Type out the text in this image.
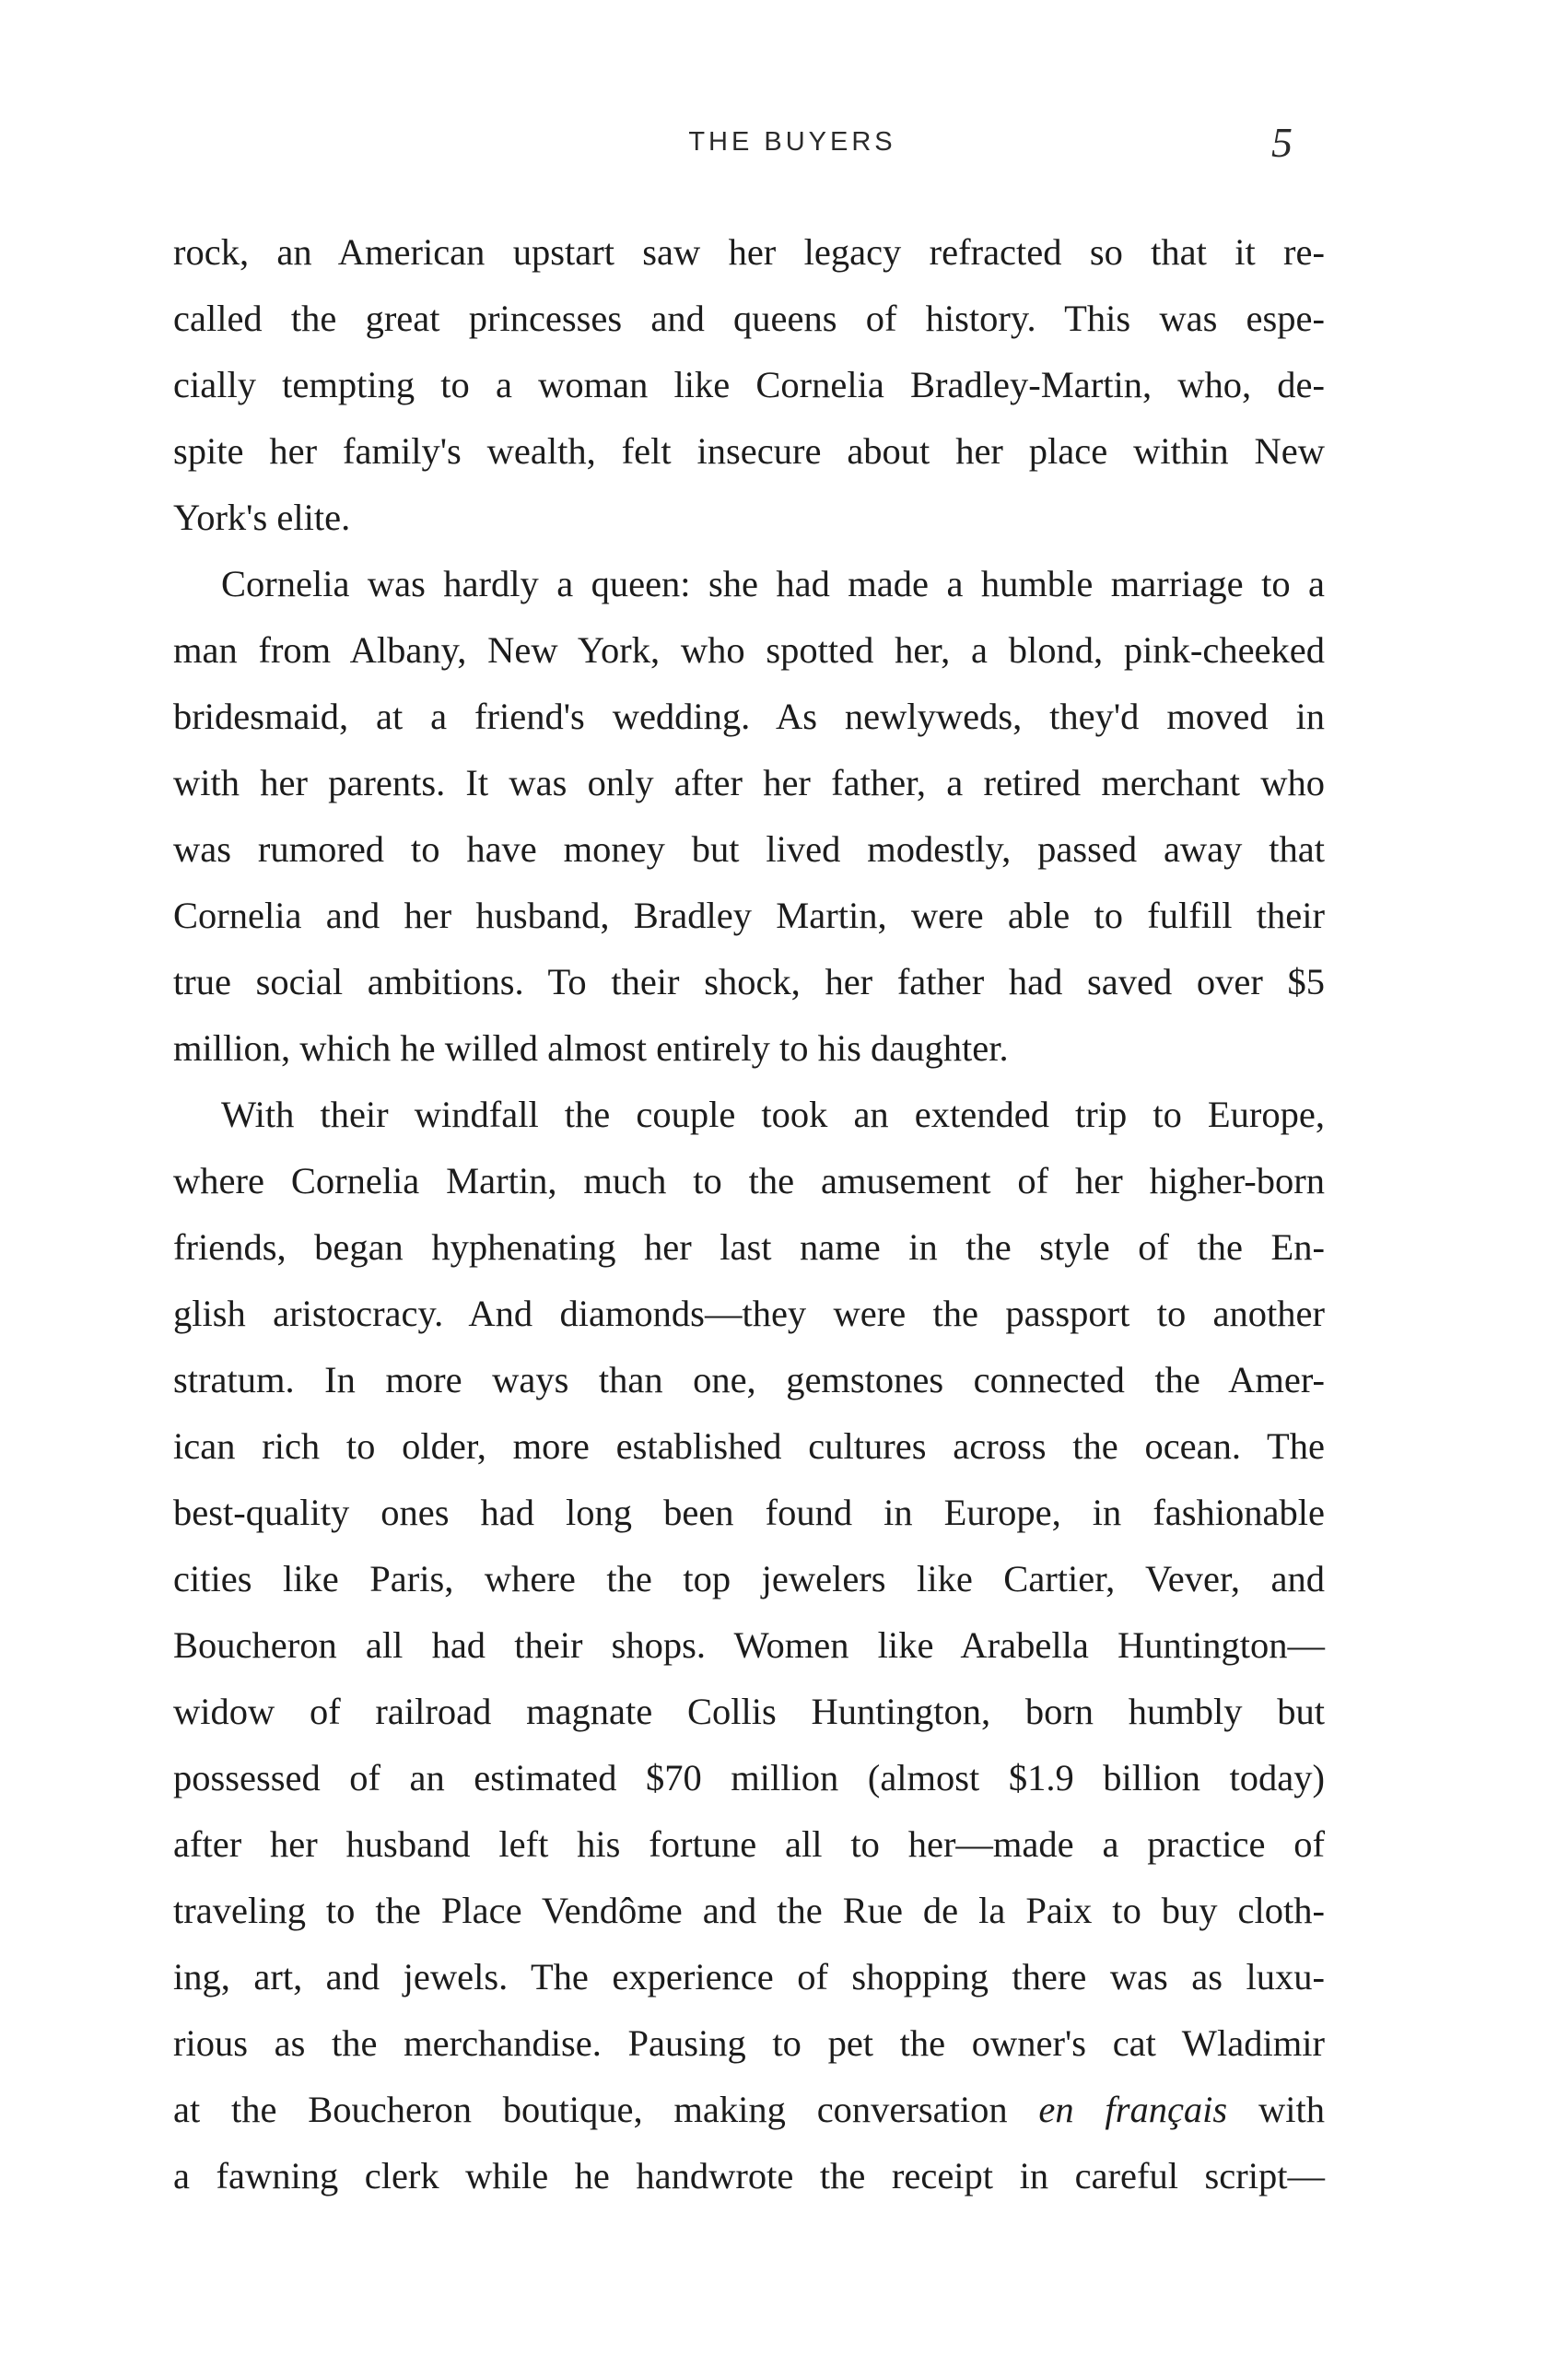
THE BUYERS	5
rock, an American upstart saw her legacy refracted so that it re-
called the great princesses and queens of history. This was espe-
cially tempting to a woman like Cornelia Bradley-Martin, who, de-
spite her family's wealth, felt insecure about her place within New
York's elite.
Cornelia was hardly a queen: she had made a humble marriage to a
man from Albany, New York, who spotted her, a blond, pink-cheeked
bridesmaid, at a friend's wedding. As newlyweds, they'd moved in
with her parents. It was only after her father, a retired merchant who
was rumored to have money but lived modestly, passed away that
Cornelia and her husband, Bradley Martin, were able to fulfill their
true social ambitions. To their shock, her father had saved over $5
million, which he willed almost entirely to his daughter.
With their windfall the couple took an extended trip to Europe,
where Cornelia Martin, much to the amusement of her higher-born
friends, began hyphenating her last name in the style of the En-
glish aristocracy. And diamonds—they were the passport to another
stratum. In more ways than one, gemstones connected the Amer-
ican rich to older, more established cultures across the ocean. The
best-quality ones had long been found in Europe, in fashionable
cities like Paris, where the top jewelers like Cartier, Vever, and
Boucheron all had their shops. Women like Arabella Huntington—
widow of railroad magnate Collis Huntington, born humbly but
possessed of an estimated $70 million (almost $1.9 billion today)
after her husband left his fortune all to her—made a practice of
traveling to the Place Vendôme and the Rue de la Paix to buy cloth-
ing, art, and jewels. The experience of shopping there was as luxu-
rious as the merchandise. Pausing to pet the owner's cat Wladimir
at the Boucheron boutique, making conversation en français with
a fawning clerk while he handwrote the receipt in careful script—
